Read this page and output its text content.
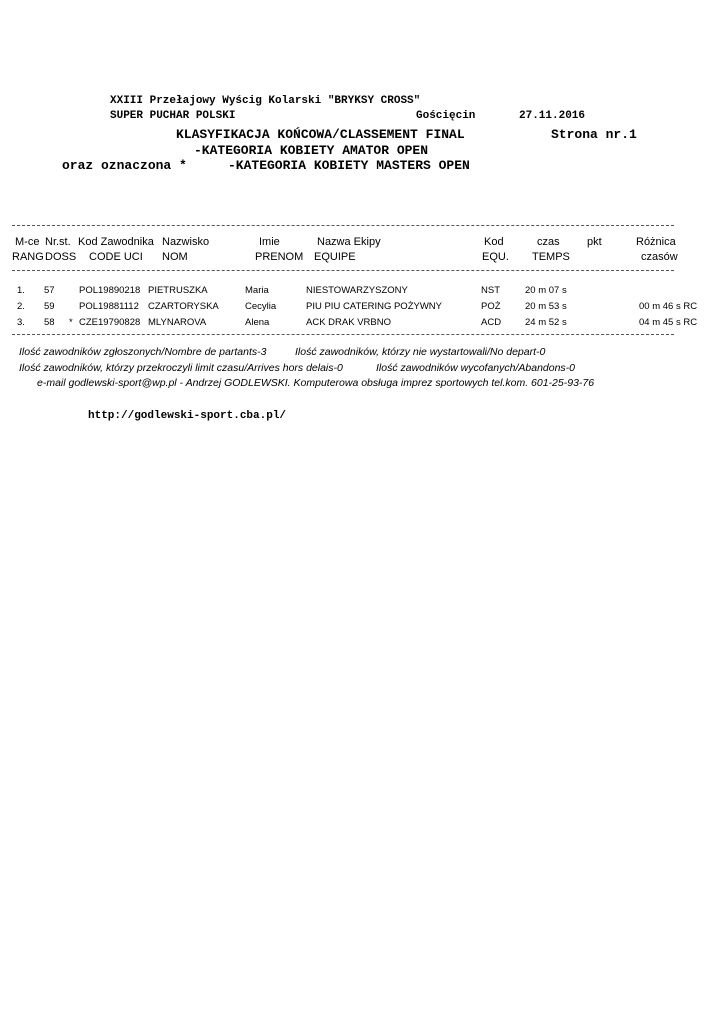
XXIII Przełajowy Wyścig Kolarski "BRYKSY CROSS"
SUPER PUCHAR POLSKI	Gościęcin	27.11.2016
KLASYFIKACJA KOŃCOWA/CLASSEMENT FINAL	Strona nr.1
-KATEGORIA KOBIETY AMATOR OPEN
oraz oznaczona *	-KATEGORIA KOBIETY MASTERS OPEN
M-ce Nr.st. Kod Zawodnika Nazwisko	Imie	Nazwa Ekipy	Kod	czas pkt	Różnica
RANG DOSS CODE UCI NOM	PRENOM EQUIPE	EQU. TEMPS	czasów
1. 57	POL19890218 PIETRUSZKA	Maria	NIESTOWARZYSZONY	NST	20 m 07 s
2. 59	POL19881112 CZARTORYSKA	Cecylia	PIU PIU CATERING POŻYWNY	POŻ	20 m 53 s	00 m 46 s RC
3. 58 * CZE19790828 MLYNAROVA	Alena	ACK DRAK VRBNO	ACD	24 m 52 s	04 m 45 s RC
Ilość zawodników zgłoszonych/Nombre de partants-3	Ilość zawodników, którzy nie wystartowali/No depart-0
Ilość zawodników, którzy przekroczyli limit czasu/Arrives hors delais-0	Ilość zawodników wycofanych/Abandons-0
e-mail godlewski-sport@wp.pl - Andrzej GODLEWSKI. Komputerowa obsługa imprez sportowych tel.kom. 601-25-93-76
http://godlewski-sport.cba.pl/
